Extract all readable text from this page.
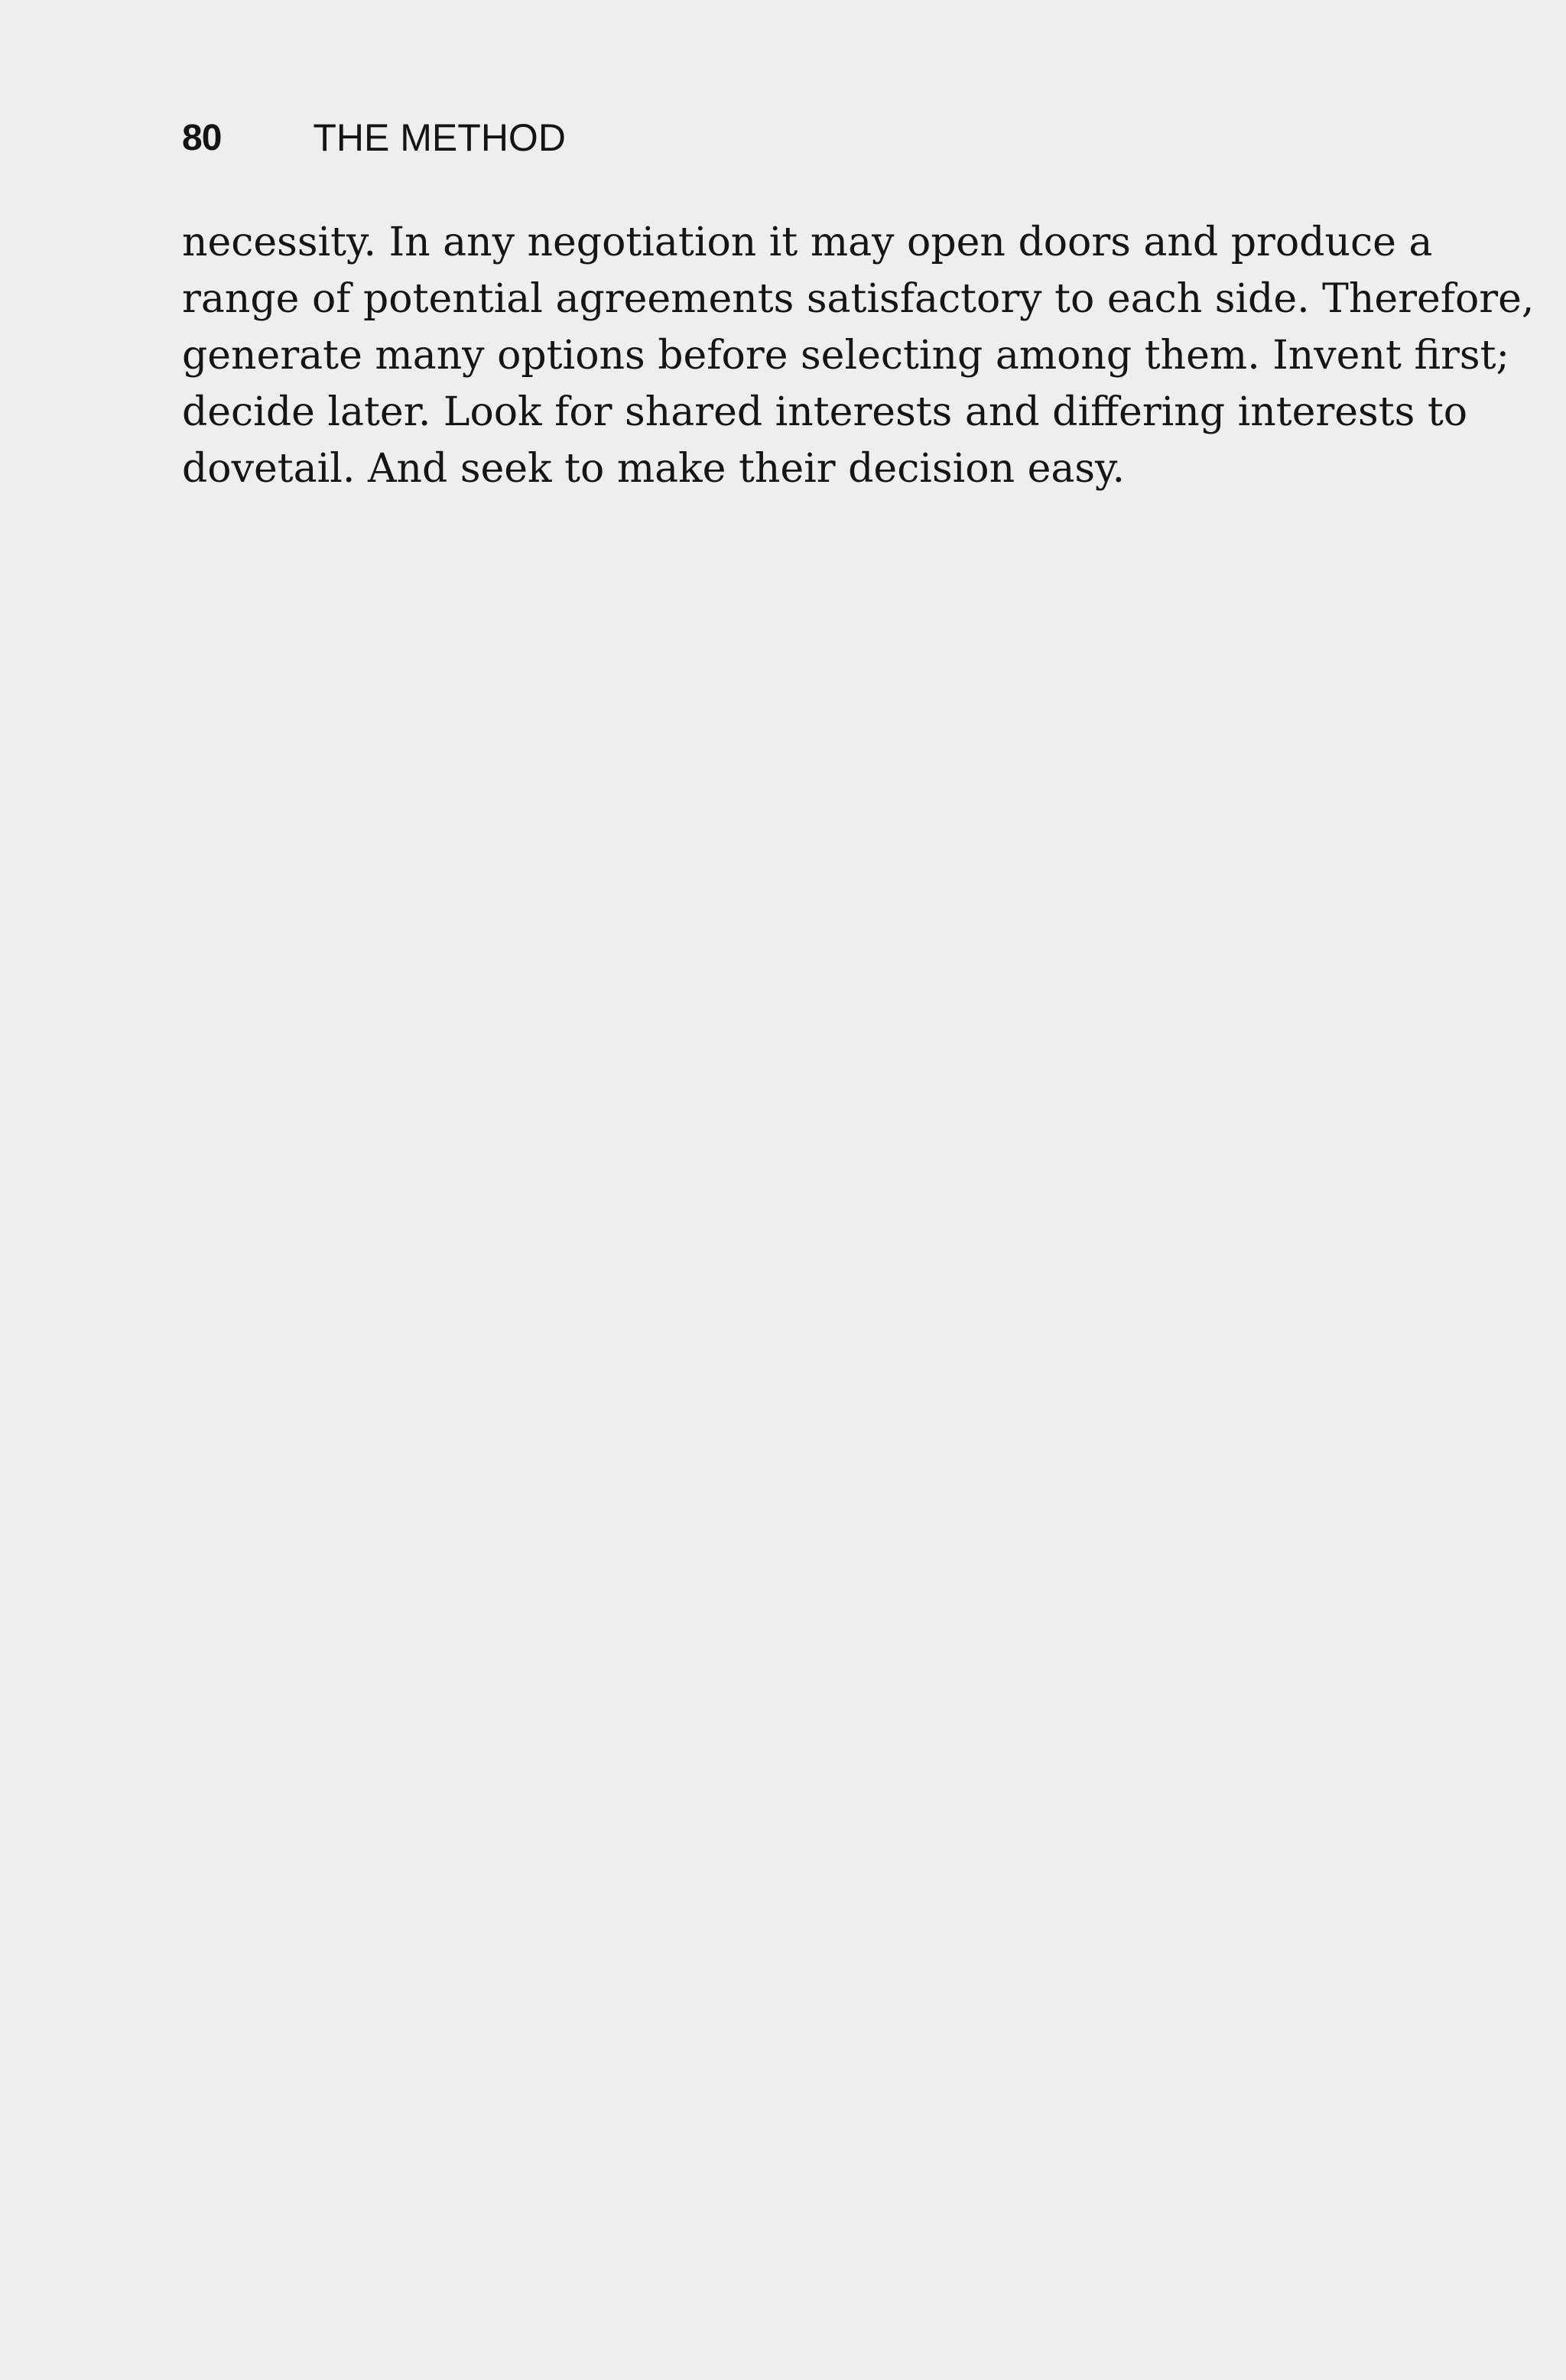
80 THE METHOD
necessity. In any negotiation it may open doors and produce a
range of potential agreements satisfactory to each side. Therefore,
generate many options before selecting among them. Invent first;
decide later. Look for shared interests and differing interests to
dovetail. And seek to make their decision easy.
